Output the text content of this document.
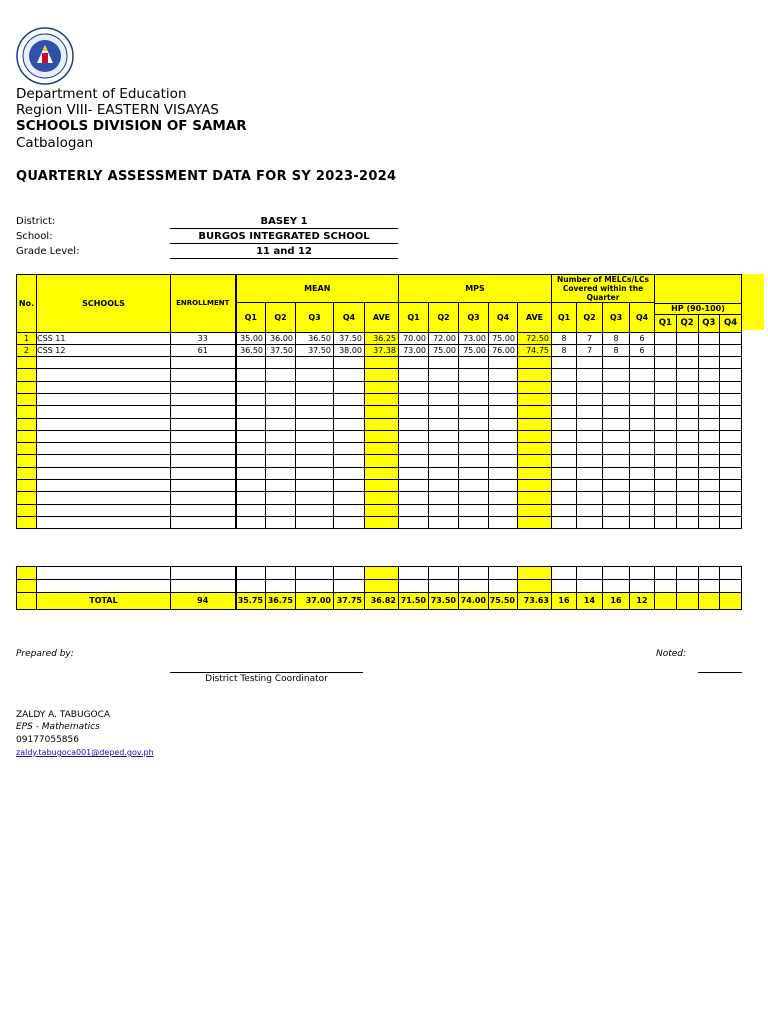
Department of Education
Region VIII- EASTERN VISAYAS
SCHOOLS DIVISION OF SAMAR
Catbalogan
QUARTERLY ASSESSMENT DATA FOR SY 2023-2024
District:	BASEY 1
School:	BURGOS INTEGRATED SCHOOL
Grade Level:	11 and 12
No.	SCHOOLS	ENROLLMENT	MEAN					MPS					Number of MELCs/LCs Covered within the Quarter							
			Q1	Q2	Q3	Q4	AVE	Q1	Q2	Q3	Q4	AVE	Q1	Q2	Q3	Q4	HP (90-100)
Q1 Q2 Q3 Q4			

1	CSS 11	33	35.00	36.00	36.50	37.50	36.25	70.00	72.00	73.00	75.00	72.50	8	7	8	6				
2	CSS 12	61	36.50	37.50	37.50	38.00	37.38	73.00	75.00	75.00	76.00	74.75	8	7	8	6				

	TOTAL	94	35.75	36.75	37.00	37.75	36.82	71.50	73.50	74.00	75.50	73.63	16	14	16	12				
Prepared by:	Noted:
District Testing Coordinator
ZALDY A. TABUGOCA
EPS - Mathematics
09177055856
zaldy.tabugoca001@deped.gov.ph
